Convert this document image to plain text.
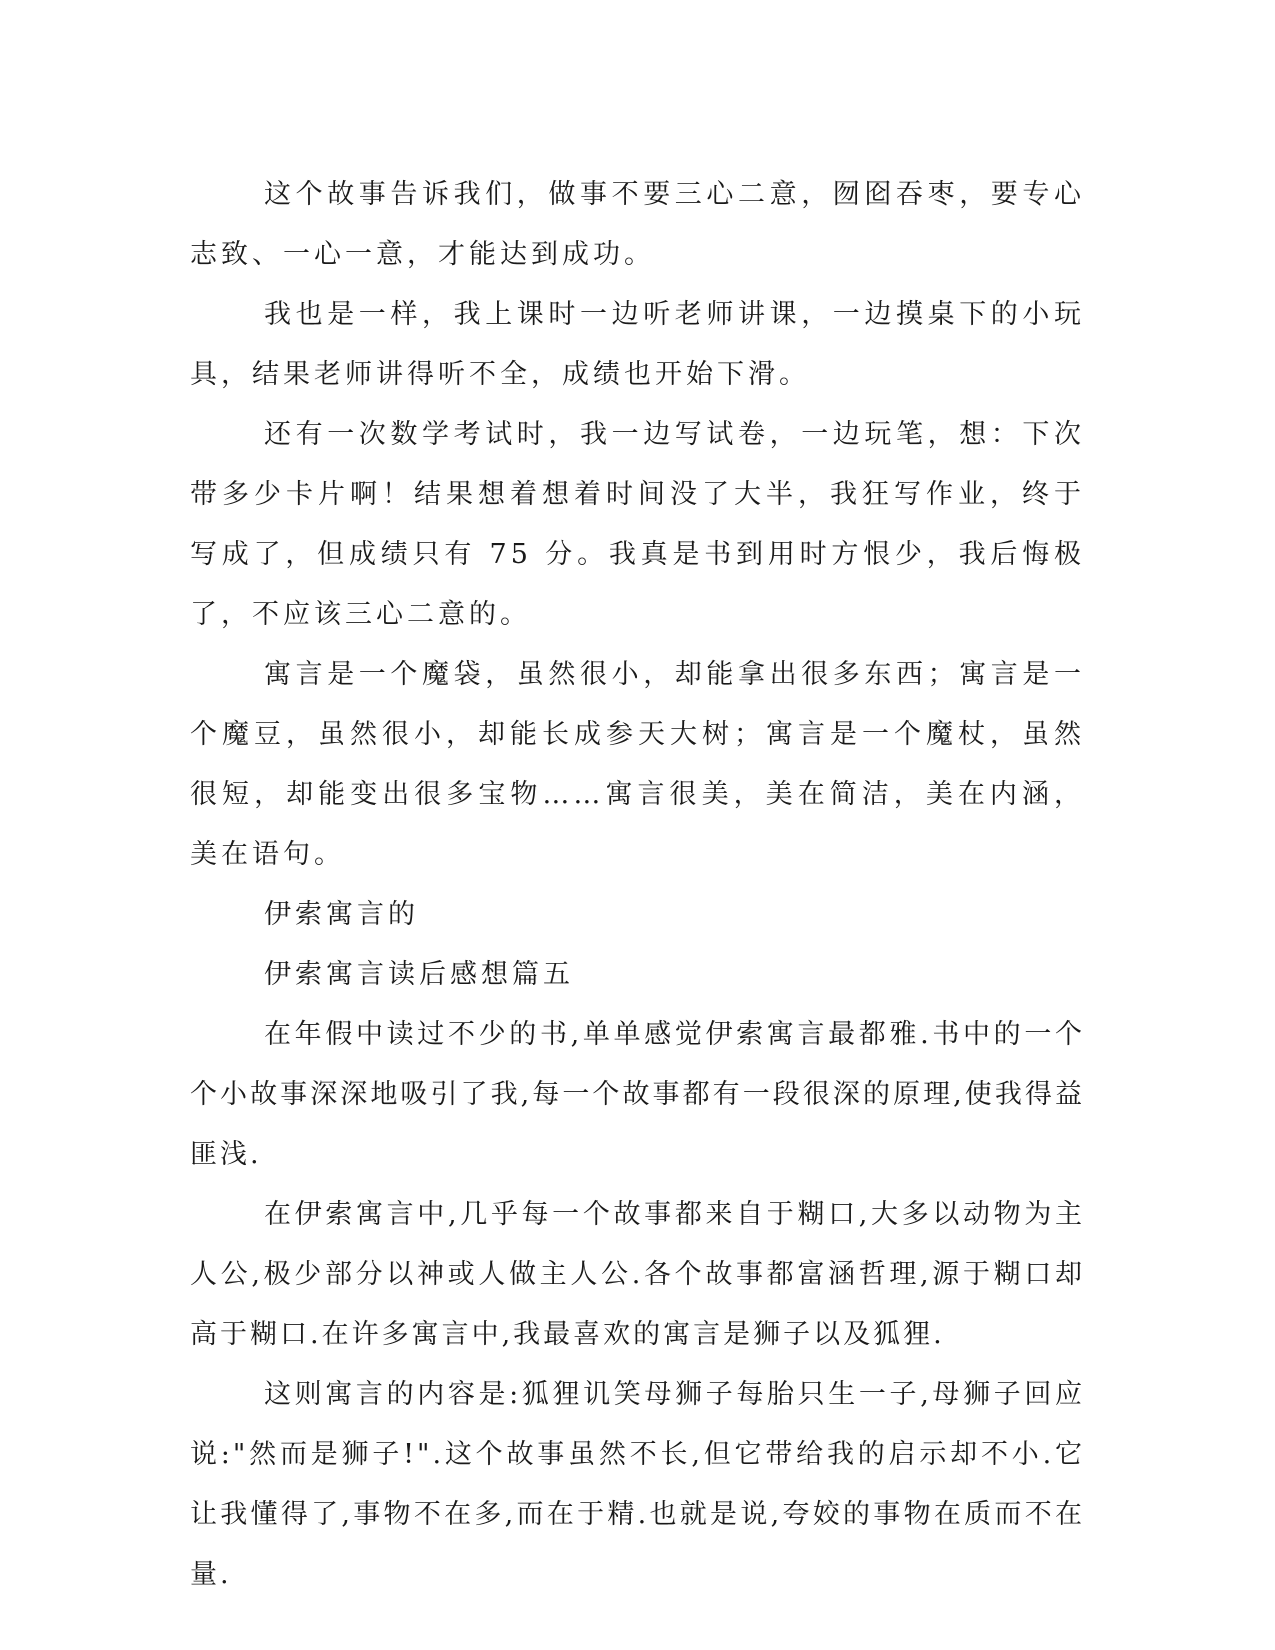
这个故事告诉我们，做事不要三心二意，囫囵吞枣，要专心志致、一心一意，才能达到成功。

我也是一样，我上课时一边听老师讲课，一边摸桌下的小玩具，结果老师讲得听不全，成绩也开始下滑。

还有一次数学考试时，我一边写试卷，一边玩笔，想：下次带多少卡片啊！结果想着想着时间没了大半，我狂写作业，终于写成了，但成绩只有 75 分。我真是书到用时方恨少，我后悔极了，不应该三心二意的。

寓言是一个魔袋，虽然很小，却能拿出很多东西；寓言是一个魔豆，虽然很小，却能长成参天大树；寓言是一个魔杖，虽然很短，却能变出很多宝物……寓言很美，美在简洁，美在内涵，美在语句。

伊索寓言的

伊索寓言读后感想篇五

在年假中读过不少的书,单单感觉伊索寓言最都雅.书中的一个个小故事深深地吸引了我,每一个故事都有一段很深的原理,使我得益匪浅.

在伊索寓言中,几乎每一个故事都来自于糊口,大多以动物为主人公,极少部分以神或人做主人公.各个故事都富涵哲理,源于糊口却高于糊口.在许多寓言中,我最喜欢的寓言是狮子以及狐狸.

这则寓言的内容是:狐狸讥笑母狮子每胎只生一子,母狮子回应说:"然而是狮子!".这个故事虽然不长,但它带给我的启示却不小.它让我懂得了,事物不在多,而在于精.也就是说,夸姣的事物在质而不在量.
